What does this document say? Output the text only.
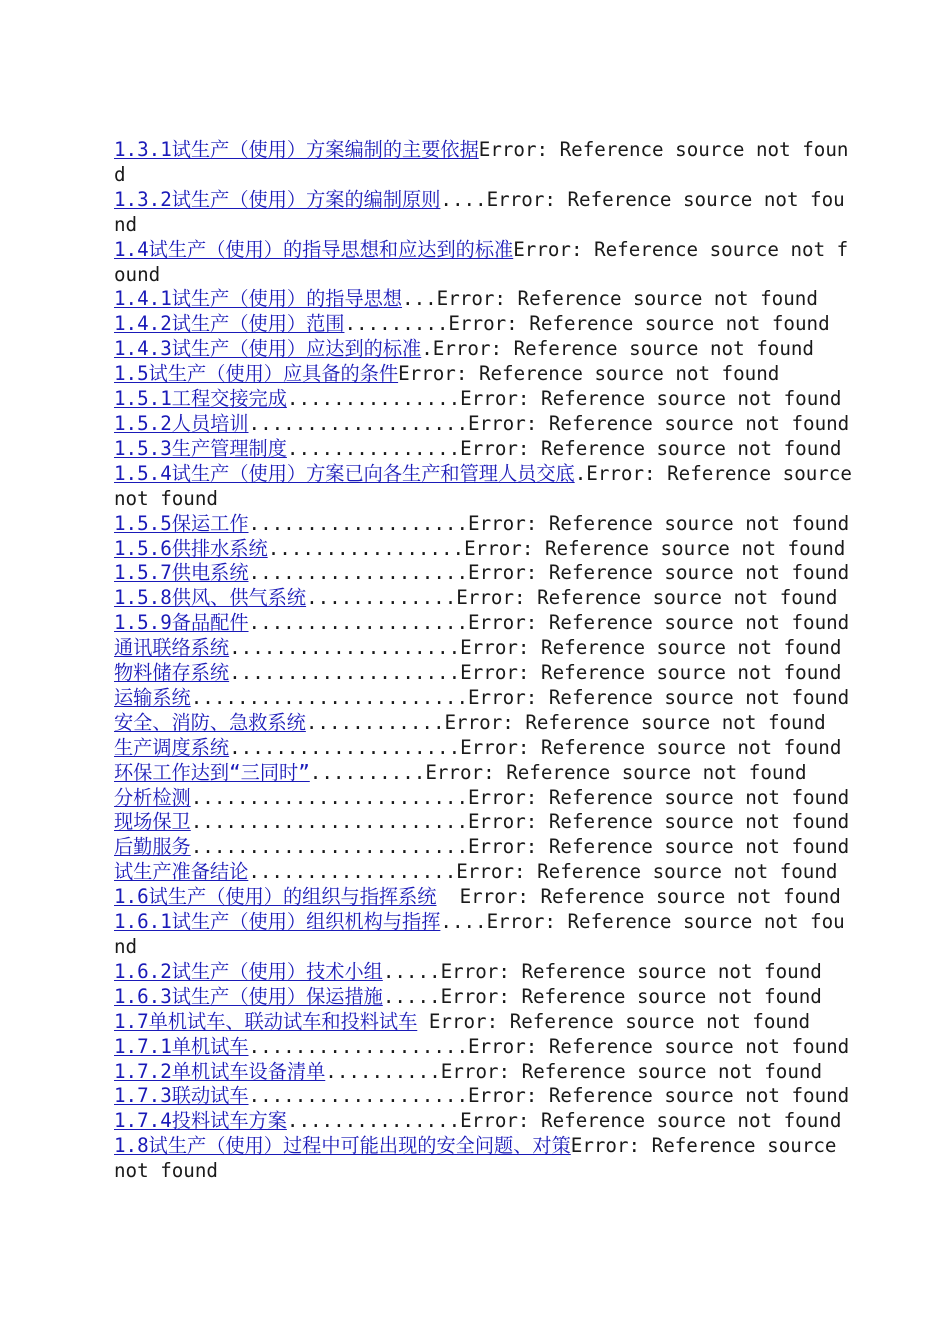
1.3.1试生产（使用）方案编制的主要依据Error: Reference source not found
1.3.2试生产（使用）方案的编制原则....Error: Reference source not found
1.4试生产（使用）的指导思想和应达到的标准Error: Reference source not found
1.4.1试生产（使用）的指导思想...Error: Reference source not found
1.4.2试生产（使用）范围.........Error: Reference source not found
1.4.3试生产（使用）应达到的标准.Error: Reference source not found
1.5试生产（使用）应具备的条件Error: Reference source not found
1.5.1工程交接完成...............Error: Reference source not found
1.5.2人员培训...................Error: Reference source not found
1.5.3生产管理制度...............Error: Reference source not found
1.5.4试生产（使用）方案已向各生产和管理人员交底.Error: Reference source not found
1.5.5保运工作...................Error: Reference source not found
1.5.6供排水系统.................Error: Reference source not found
1.5.7供电系统...................Error: Reference source not found
1.5.8供风、供气系统.............Error: Reference source not found
1.5.9备品配件...................Error: Reference source not found
通讯联络系统....................Error: Reference source not found
物料储存系统....................Error: Reference source not found
运输系统........................Error: Reference source not found
安全、消防、急救系统............Error: Reference source not found
生产调度系统....................Error: Reference source not found
环保工作达到“三同时”..........Error: Reference source not found
分析检测........................Error: Reference source not found
现场保卫........................Error: Reference source not found
后勤服务........................Error: Reference source not found
试生产准备结论..................Error: Reference source not found
1.6试生产（使用）的组织与指挥系统 Error: Reference source not found
1.6.1试生产（使用）组织机构与指挥....Error: Reference source not found
1.6.2试生产（使用）技术小组.....Error: Reference source not found
1.6.3试生产（使用）保运措施.....Error: Reference source not found
1.7单机试车、联动试车和投料试车 Error: Reference source not found
1.7.1单机试车...................Error: Reference source not found
1.7.2单机试车设备清单..........Error: Reference source not found
1.7.3联动试车...................Error: Reference source not found
1.7.4投料试车方案...............Error: Reference source not found
1.8试生产（使用）过程中可能出现的安全问题、对策Error: Reference source not found
